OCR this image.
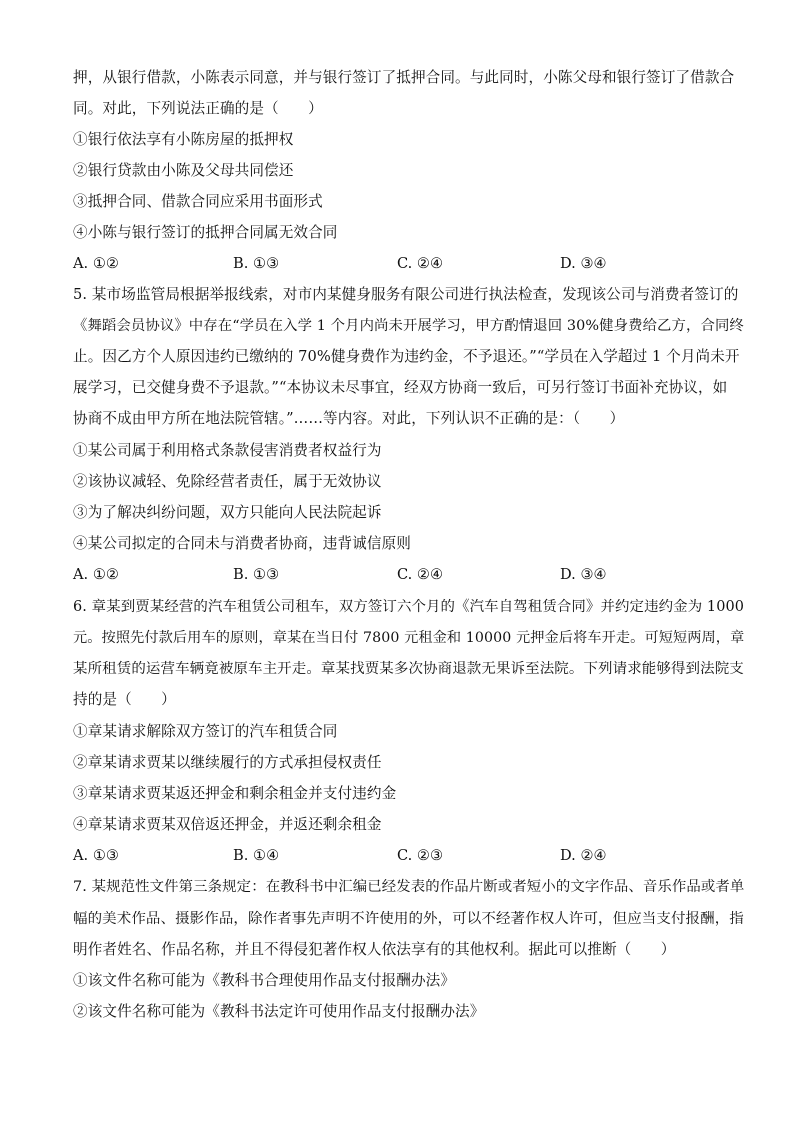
押，从银行借款，小陈表示同意，并与银行签订了抵押合同。与此同时，小陈父母和银行签订了借款合
同。对此，下列说法正确的是（　　）
①银行依法享有小陈房屋的抵押权
②银行贷款由小陈及父母共同偿还
③抵押合同、借款合同应采用书面形式
④小陈与银行签订的抵押合同属无效合同
A. ①②	B. ①③	C. ②④	D. ③④
5. 某市场监管局根据举报线索，对市内某健身服务有限公司进行执法检查，发现该公司与消费者签订的
《舞蹈会员协议》中存在“学员在入学 1 个月内尚未开展学习，甲方酌情退回 30%健身费给乙方，合同终
止。因乙方个人原因违约已缴纳的 70%健身费作为违约金，不予退还。”“学员在入学超过 1 个月尚未开
展学习，已交健身费不予退款。”“本协议未尽事宜，经双方协商一致后，可另行签订书面补充协议，如
协商不成由甲方所在地法院管辖。”……等内容。对此，下列认识不正确的是：（　　）
①某公司属于利用格式条款侵害消费者权益行为
②该协议减轻、免除经营者责任，属于无效协议
③为了解决纠纷问题，双方只能向人民法院起诉
④某公司拟定的合同未与消费者协商，违背诚信原则
A. ①②	B. ①③	C. ②④	D. ③④
6. 章某到贾某经营的汽车租赁公司租车，双方签订六个月的《汽车自驾租赁合同》并约定违约金为 1000
元。按照先付款后用车的原则，章某在当日付 7800 元租金和 10000 元押金后将车开走。可短短两周，章
某所租赁的运营车辆竟被原车主开走。章某找贾某多次协商退款无果诉至法院。下列请求能够得到法院支
持的是（　　）
①章某请求解除双方签订的汽车租赁合同
②章某请求贾某以继续履行的方式承担侵权责任
③章某请求贾某返还押金和剩余租金并支付违约金
④章某请求贾某双倍返还押金，并返还剩余租金
A. ①③	B. ①④	C. ②③	D. ②④
7. 某规范性文件第三条规定：在教科书中汇编已经发表的作品片断或者短小的文字作品、音乐作品或者单
幅的美术作品、摄影作品，除作者事先声明不许使用的外，可以不经著作权人许可，但应当支付报酬，指
明作者姓名、作品名称，并且不得侵犯著作权人依法享有的其他权利。据此可以推断（　　）
①该文件名称可能为《教科书合理使用作品支付报酬办法》
②该文件名称可能为《教科书法定许可使用作品支付报酬办法》
